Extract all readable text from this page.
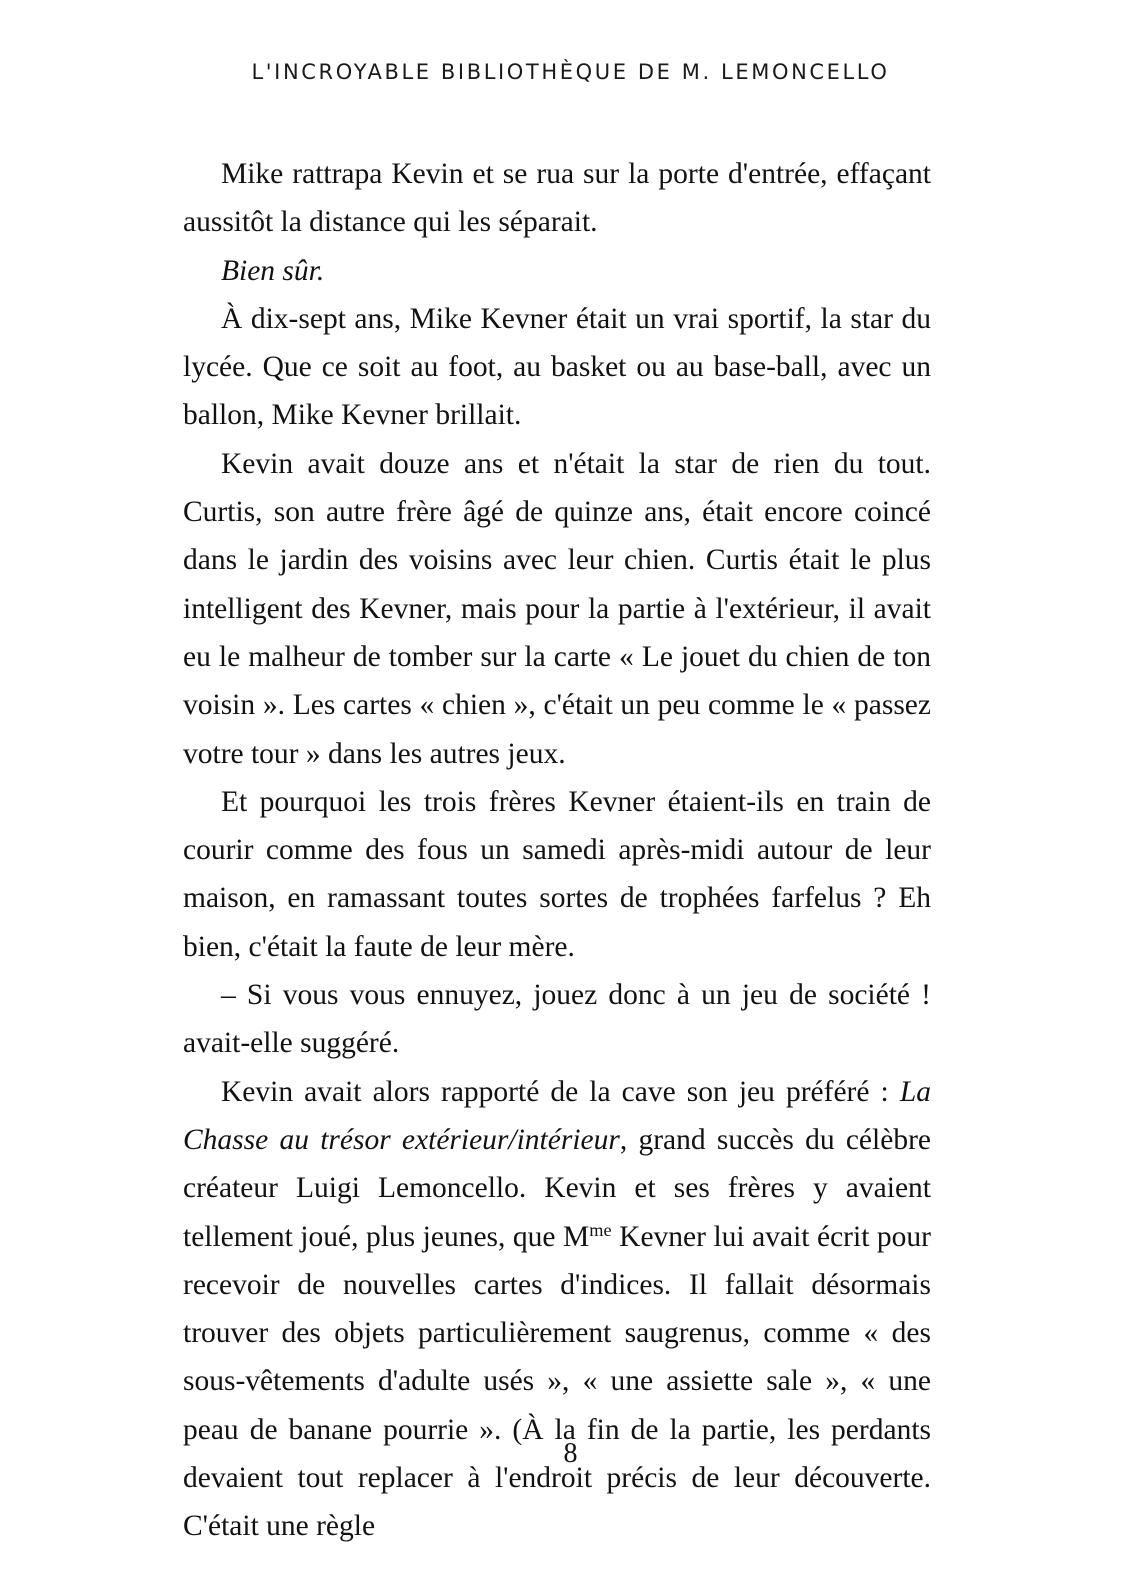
L'INCROYABLE BIBLIOTHÈQUE DE M. LEMONCELLO

Mike rattrapa Kevin et se rua sur la porte d'entrée, effaçant aussitôt la distance qui les séparait.

Bien sûr.

À dix-sept ans, Mike Kevner était un vrai sportif, la star du lycée. Que ce soit au foot, au basket ou au base-ball, avec un ballon, Mike Kevner brillait.

Kevin avait douze ans et n'était la star de rien du tout. Curtis, son autre frère âgé de quinze ans, était encore coincé dans le jardin des voisins avec leur chien. Curtis était le plus intelligent des Kevner, mais pour la partie à l'extérieur, il avait eu le malheur de tomber sur la carte « Le jouet du chien de ton voisin ». Les cartes « chien », c'était un peu comme le « passez votre tour » dans les autres jeux.

Et pourquoi les trois frères Kevner étaient-ils en train de courir comme des fous un samedi après-midi autour de leur maison, en ramassant toutes sortes de trophées farfelus ? Eh bien, c'était la faute de leur mère.

– Si vous vous ennuyez, jouez donc à un jeu de société ! avait-elle suggéré.

Kevin avait alors rapporté de la cave son jeu préféré : La Chasse au trésor extérieur/intérieur, grand succès du célèbre créateur Luigi Lemoncello. Kevin et ses frères y avaient tellement joué, plus jeunes, que $M^{me}$ Kevner lui avait écrit pour recevoir de nouvelles cartes d'indices. Il fallait désormais trouver des objets particulièrement saugrenus, comme « des sous-vêtements d'adulte usés », « une assiette sale », « une peau de banane pourrie ». (À la fin de la partie, les perdants devaient tout replacer à l'endroit précis de leur découverte. C'était une règle

8
